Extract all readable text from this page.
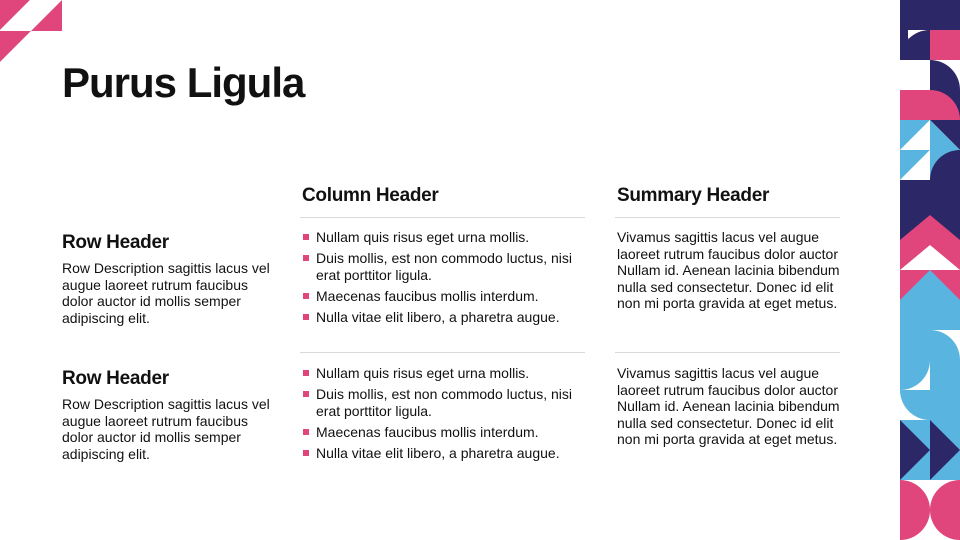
Purus Ligula
Column Header	Summary Header
Row Header

Row Description sagittis lacus vel augue laoreet rutrum faucibus dolor auctor id mollis semper adipiscing elit.

Nullam quis risus eget urna mollis.
Duis mollis, est non commodo luctus, nisi erat porttitor ligula.
Maecenas faucibus mollis interdum.
Nulla vitae elit libero, a pharetra augue.

Vivamus sagittis lacus vel augue laoreet rutrum faucibus dolor auctor Nullam id. Aenean lacinia bibendum nulla sed consectetur. Donec id elit non mi porta gravida at eget metus.

Row Header

Row Description sagittis lacus vel augue laoreet rutrum faucibus dolor auctor id mollis semper adipiscing elit.

Nullam quis risus eget urna mollis.
Duis mollis, est non commodo luctus, nisi erat porttitor ligula.
Maecenas faucibus mollis interdum.
Nulla vitae elit libero, a pharetra augue.

Vivamus sagittis lacus vel augue laoreet rutrum faucibus dolor auctor Nullam id. Aenean lacinia bibendum nulla sed consectetur. Donec id elit non mi porta gravida at eget metus.
